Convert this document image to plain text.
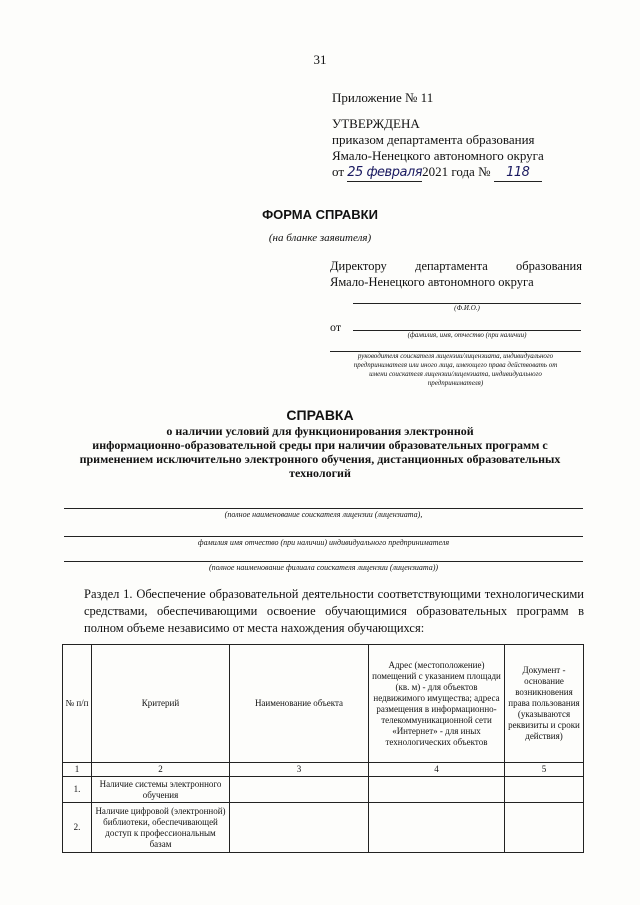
31
Приложение № 11
УТВЕРЖДЕНА
приказом департамента образования
Ямало-Ненецкого автономного округа
от 25 февраля2021 года № 118
ФОРМА СПРАВКИ
(на бланке заявителя)
Директору департамента образования
Ямало-Ненецкого автономного округа
(Ф.И.О.)
от
(фамилия, имя, отчество (при наличии)
руководителя соискателя лицензии/лицензиата, индивидуального
предпринимателя или иного лица, имеющего права действовать от
имени соискателя лицензии/лицензиата, индивидуального
предпринимателя)
СПРАВКА
о наличии условий для функционирования электронной
информационно-образовательной среды при наличии образовательных программ с
применением исключительно электронного обучения, дистанционных образовательных
технологий
(полное наименование соискателя лицензии (лицензиата),
фамилия имя отчество (при наличии) индивидуального предпринимателя
(полное наименование филиала соискателя лицензии (лицензиата))
Раздел 1. Обеспечение образовательной деятельности соответствующими технологическими средствами, обеспечивающими освоение обучающимися образовательных программ в полном объеме независимо от места нахождения обучающихся:
№ п/п	Критерий	Наименование объекта	Адрес (местоположение) помещений с указанием площади (кв. м) - для объектов недвижимого имущества; адреса размещения в информационно-телекоммуникационной сети «Интернет» - для иных технологических объектов	Документ - основание возникновения права пользования (указываются реквизиты и сроки действия)
1	2	3	4	5
1.	Наличие системы электронного обучения			
2.	Наличие цифровой (электронной) библиотеки, обеспечивающей доступ к профессиональным базам			
